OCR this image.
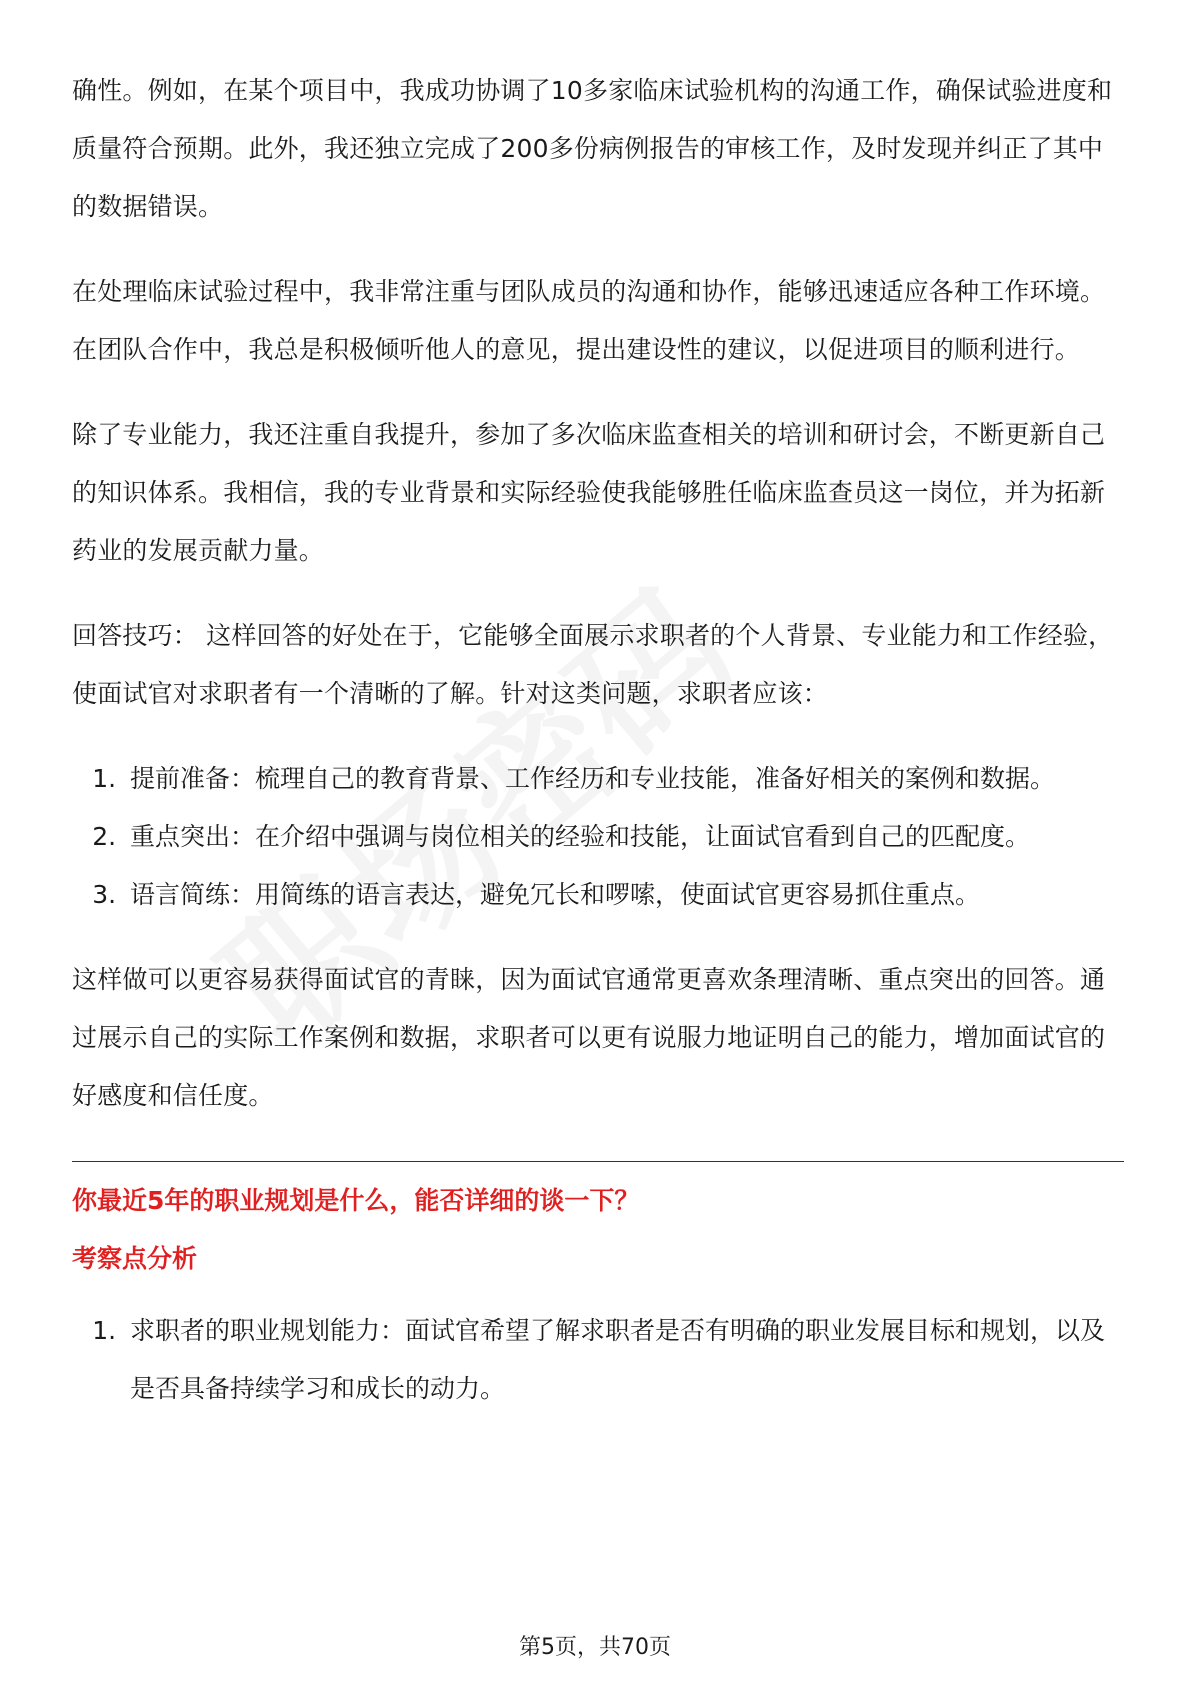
确性。例如，在某个项目中，我成功协调了10多家临床试验机构的沟通工作，确保试验进度和质量符合预期。此外，我还独立完成了200多份病例报告的审核工作，及时发现并纠正了其中的数据错误。

在处理临床试验过程中，我非常注重与团队成员的沟通和协作，能够迅速适应各种工作环境。在团队合作中，我总是积极倾听他人的意见，提出建设性的建议，以促进项目的顺利进行。

除了专业能力，我还注重自我提升，参加了多次临床监查相关的培训和研讨会，不断更新自己的知识体系。我相信，我的专业背景和实际经验使我能够胜任临床监查员这一岗位，并为拓新药业的发展贡献力量。

回答技巧： 这样回答的好处在于，它能够全面展示求职者的个人背景、专业能力和工作经验，使面试官对求职者有一个清晰的了解。针对这类问题，求职者应该：

1. 提前准备：梳理自己的教育背景、工作经历和专业技能，准备好相关的案例和数据。
2. 重点突出：在介绍中强调与岗位相关的经验和技能，让面试官看到自己的匹配度。
3. 语言简练：用简练的语言表达，避免冗长和啰嗦，使面试官更容易抓住重点。

这样做可以更容易获得面试官的青睐，因为面试官通常更喜欢条理清晰、重点突出的回答。通过展示自己的实际工作案例和数据，求职者可以更有说服力地证明自己的能力，增加面试官的好感度和信任度。

你最近5年的职业规划是什么，能否详细的谈一下？
考察点分析
1. 求职者的职业规划能力：面试官希望了解求职者是否有明确的职业发展目标和规划，以及是否具备持续学习和成长的动力。
第5页，共70页
